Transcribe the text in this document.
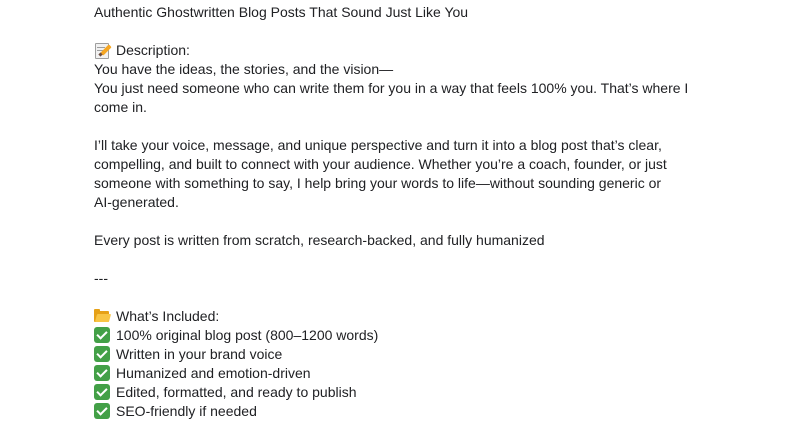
Authentic Ghostwritten Blog Posts That Sound Just Like You
Description:
You have the ideas, the stories, and the vision—
You just need someone who can write them for you in a way that feels 100% you. That’s where I
come in.
I’ll take your voice, message, and unique perspective and turn it into a blog post that’s clear,
compelling, and built to connect with your audience. Whether you’re a coach, founder, or just
someone with something to say, I help bring your words to life—without sounding generic or
AI-generated.
Every post is written from scratch, research-backed, and fully humanized
---
What’s Included:
100% original blog post (800–1200 words)
Written in your brand voice
Humanized and emotion-driven
Edited, formatted, and ready to publish
SEO-friendly if needed
